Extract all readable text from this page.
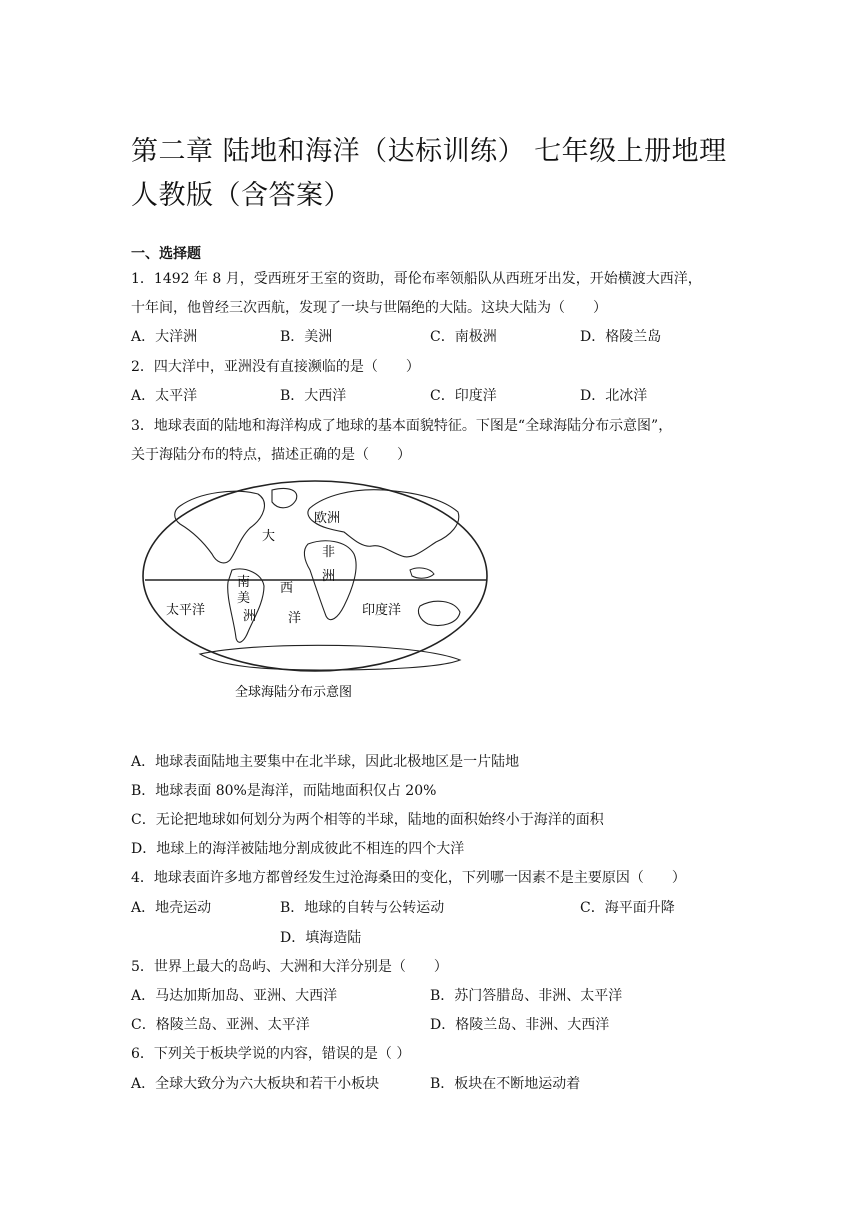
第二章 陆地和海洋（达标训练） 七年级上册地理人教版（含答案）
一、选择题
1．1492 年 8 月，受西班牙王室的资助，哥伦布率领船队从西班牙出发，开始横渡大西洋，
十年间，他曾经三次西航，发现了一块与世隔绝的大陆。这块大陆为（　　）
A．大洋洲	B．美洲	C．南极洲	D．格陵兰岛
2．四大洋中，亚洲没有直接濒临的是（　　）
A．太平洋	B．大西洋	C．印度洋	D．北冰洋
3．地球表面的陆地和海洋构成了地球的基本面貌特征。下图是“全球海陆分布示意图”，
关于海陆分布的特点，描述正确的是（　　）
欧洲
大
西
洋
非
洲
南
美
洲
太平洋	印度洋
全球海陆分布示意图
A．地球表面陆地主要集中在北半球，因此北极地区是一片陆地
B．地球表面 80%是海洋，而陆地面积仅占 20%
C．无论把地球如何划分为两个相等的半球，陆地的面积始终小于海洋的面积
D．地球上的海洋被陆地分割成彼此不相连的四个大洋
4．地球表面许多地方都曾经发生过沧海桑田的变化，下列哪一因素不是主要原因（　　）
A．地壳运动	B．地球的自转与公转运动	C．海平面升降
D．填海造陆
5．世界上最大的岛屿、大洲和大洋分别是（　　）
A．马达加斯加岛、亚洲、大西洋	B．苏门答腊岛、非洲、太平洋
C．格陵兰岛、亚洲、太平洋	D．格陵兰岛、非洲、大西洋
6．下列关于板块学说的内容，错误的是（ ）
A．全球大致分为六大板块和若干小板块	B．板块在不断地运动着
